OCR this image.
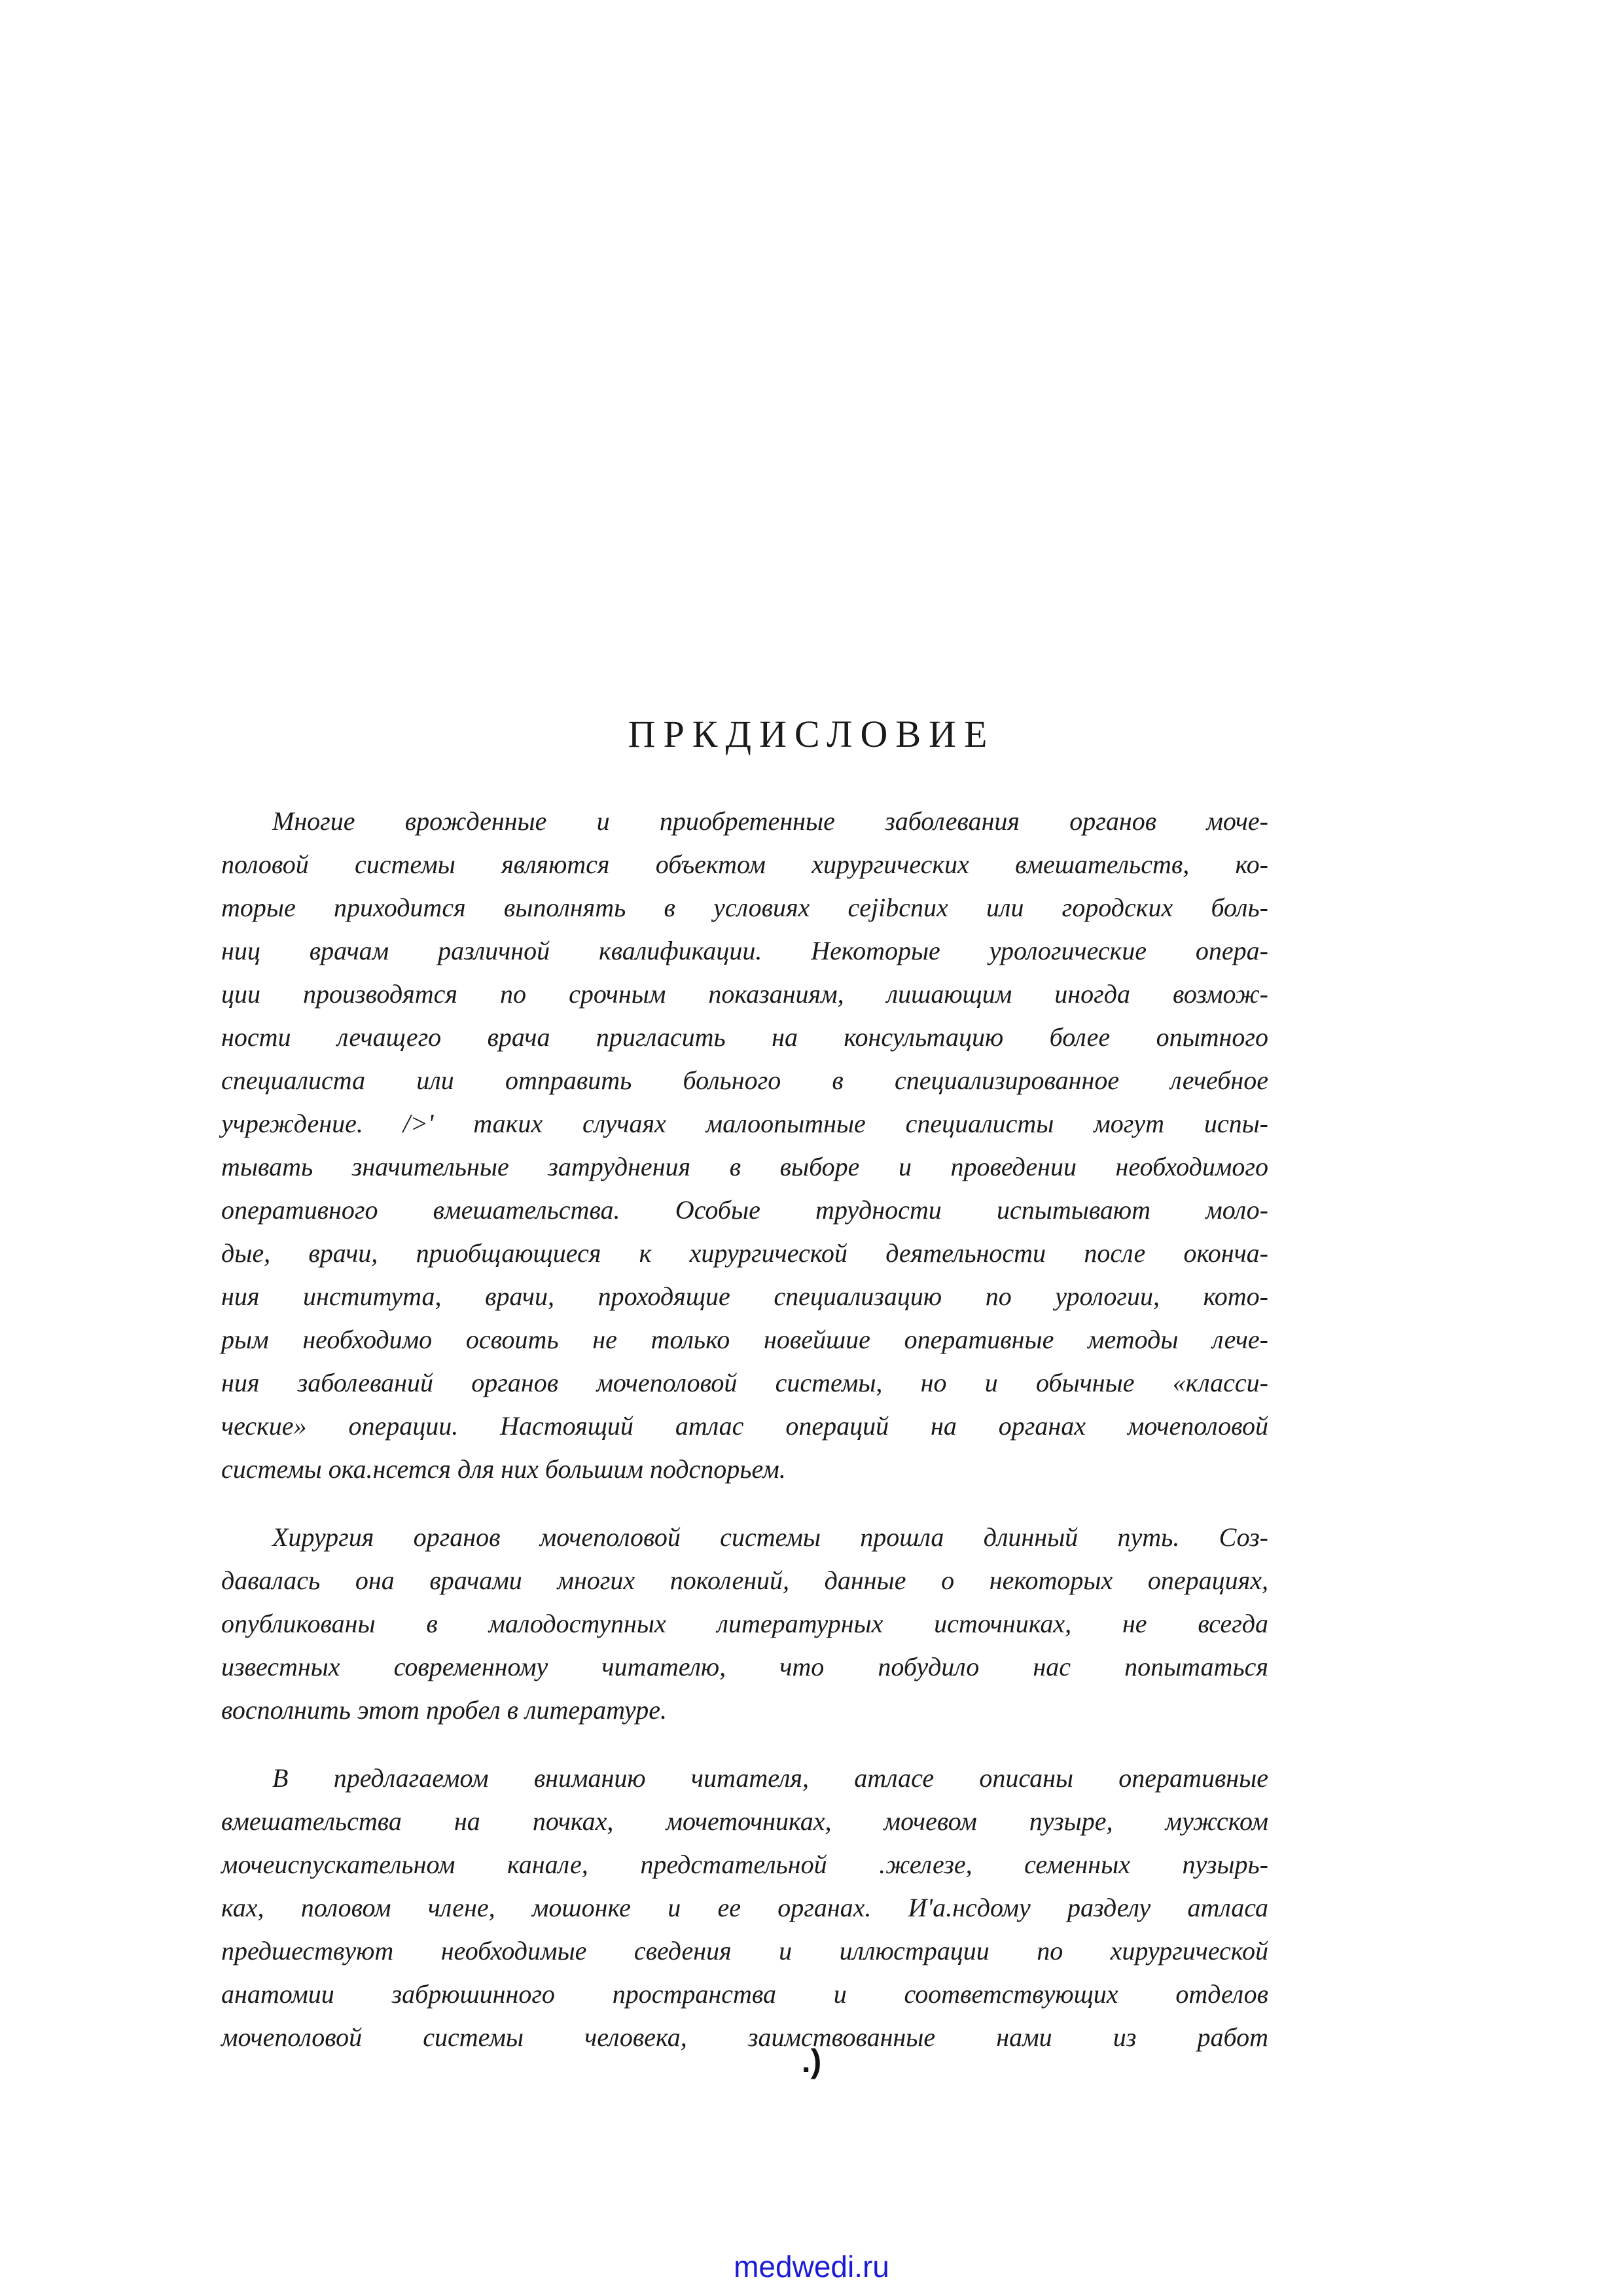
ПРКДИСЛОВИЕ

Многие врожденные и приобретенные заболевания органов моче-
половой системы являются объектом хирургических вмешательств, ко-
торые приходится выполнять в условиях cejibcпих или городских боль-
ниц врачам различной квалификации. Некоторые урологические опера-
ции производятся по срочным показаниям, лишающим иногда возмож-
ности лечащего врача пригласить на консультацию более опытного
специалиста или отправить больного в специализированное лечебное
учреждение. />' таких случаях малоопытные специалисты могут испы-
тывать значительные затруднения в выборе и проведении необходимого
оперативного вмешательства. Особые трудности испытывают моло-
дые, врачи, приобщающиеся к хирургической деятельности после оконча-
ния института, врачи, проходящие специализацию по урологии, кото-
рым необходимо освоить не только новейшие оперативные методы лече-
ния заболеваний органов мочеполовой системы, но и обычные «класси-
ческие» операции. Настоящий атлас операций на органах мочеполовой
системы ока.нсется для них большим подспорьем.

Хирургия органов мочеполовой системы прошла длинный путь. Соз-
давалась она врачами многих поколений, данные о некоторых операциях,
опубликованы в малодоступных литературных источниках, не всегда
известных современному читателю, что побудило нас попытаться
восполнить этот пробел в литературе.

В предлагаемом вниманию читателя, атласе описаны оперативные
вмешательства на почках, мочеточниках, мочевом пузыре, мужском
мочеиспускательном канале, предстательной .железе, семенных пузырь-
ках, половом члене, мошонке и ее органах. И'а.нсдому разделу атласа
предшествуют необходимые сведения и иллюстрации по хирургической
анатомии забрюшинного пространства и соответствующих отделов
мочеполовой системы человека, заимствованные нами из работ

.)
medwedi.ru
